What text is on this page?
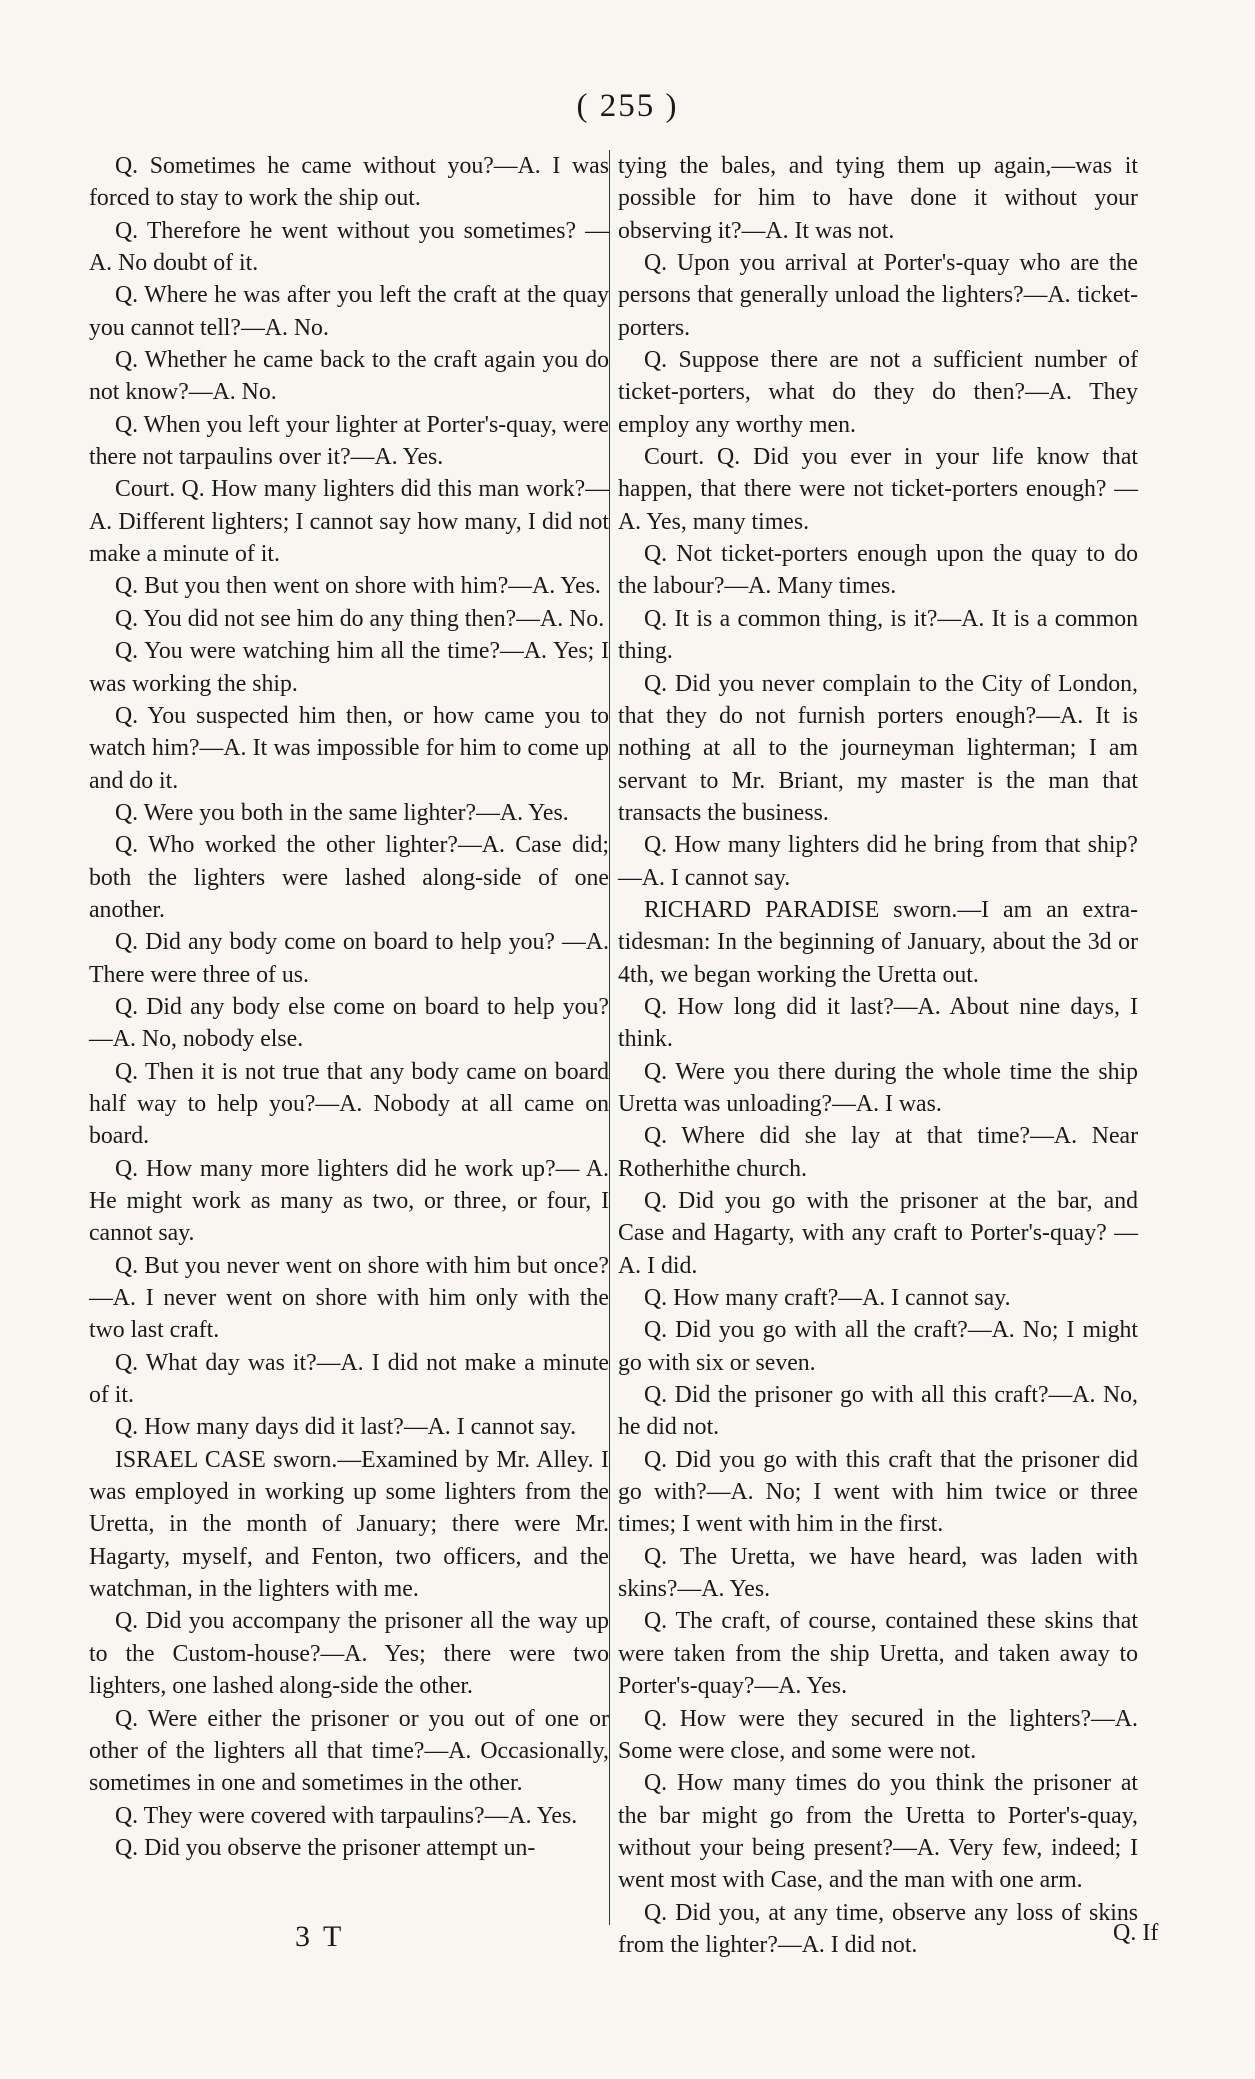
( 255 )

Q. Sometimes he came without you?—A. I was forced to stay to work the ship out.

Q. Therefore he went without you sometimes? —A. No doubt of it.

Q. Where he was after you left the craft at the quay you cannot tell?—A. No.

Q. Whether he came back to the craft again you do not know?—A. No.

Q. When you left your lighter at Porter's-quay, were there not tarpaulins over it?—A. Yes.

Court. Q. How many lighters did this man work?—A. Different lighters; I cannot say how many, I did not make a minute of it.

Q. But you then went on shore with him?—A. Yes.

Q. You did not see him do any thing then?—A. No.

Q. You were watching him all the time?—A. Yes; I was working the ship.

Q. You suspected him then, or how came you to watch him?—A. It was impossible for him to come up and do it.

Q. Were you both in the same lighter?—A. Yes.

Q. Who worked the other lighter?—A. Case did; both the lighters were lashed along-side of one another.

Q. Did any body come on board to help you? —A. There were three of us.

Q. Did any body else come on board to help you? —A. No, nobody else.

Q. Then it is not true that any body came on board half way to help you?—A. Nobody at all came on board.

Q. How many more lighters did he work up?— A. He might work as many as two, or three, or four, I cannot say.

Q. But you never went on shore with him but once?—A. I never went on shore with him only with the two last craft.

Q. What day was it?—A. I did not make a minute of it.

Q. How many days did it last?—A. I cannot say.

ISRAEL CASE sworn.—Examined by Mr. Alley. I was employed in working up some lighters from the Uretta, in the month of January; there were Mr. Hagarty, myself, and Fenton, two officers, and the watchman, in the lighters with me.

Q. Did you accompany the prisoner all the way up to the Custom-house?—A. Yes; there were two lighters, one lashed along-side the other.

Q. Were either the prisoner or you out of one or other of the lighters all that time?—A. Occasionally, sometimes in one and sometimes in the other.

Q. They were covered with tarpaulins?—A. Yes.

Q. Did you observe the prisoner attempt un-

tying the bales, and tying them up again,—was it possible for him to have done it without your observing it?—A. It was not.

Q. Upon you arrival at Porter's-quay who are the persons that generally unload the lighters?—A. ticket-porters.

Q. Suppose there are not a sufficient number of ticket-porters, what do they do then?—A. They employ any worthy men.

Court. Q. Did you ever in your life know that happen, that there were not ticket-porters enough? —A. Yes, many times.

Q. Not ticket-porters enough upon the quay to do the labour?—A. Many times.

Q. It is a common thing, is it?—A. It is a common thing.

Q. Did you never complain to the City of London, that they do not furnish porters enough?—A. It is nothing at all to the journeyman lighterman; I am servant to Mr. Briant, my master is the man that transacts the business.

Q. How many lighters did he bring from that ship?—A. I cannot say.

RICHARD PARADISE sworn.—I am an extra-tidesman: In the beginning of January, about the 3d or 4th, we began working the Uretta out.

Q. How long did it last?—A. About nine days, I think.

Q. Were you there during the whole time the ship Uretta was unloading?—A. I was.

Q. Where did she lay at that time?—A. Near Rotherhithe church.

Q. Did you go with the prisoner at the bar, and Case and Hagarty, with any craft to Porter's-quay? —A. I did.

Q. How many craft?—A. I cannot say.

Q. Did you go with all the craft?—A. No; I might go with six or seven.

Q. Did the prisoner go with all this craft?—A. No, he did not.

Q. Did you go with this craft that the prisoner did go with?—A. No; I went with him twice or three times; I went with him in the first.

Q. The Uretta, we have heard, was laden with skins?—A. Yes.

Q. The craft, of course, contained these skins that were taken from the ship Uretta, and taken away to Porter's-quay?—A. Yes.

Q. How were they secured in the lighters?—A. Some were close, and some were not.

Q. How many times do you think the prisoner at the bar might go from the Uretta to Porter's-quay, without your being present?—A. Very few, indeed; I went most with Case, and the man with one arm.

Q. Did you, at any time, observe any loss of skins from the lighter?—A. I did not.

3 T	Q. If
